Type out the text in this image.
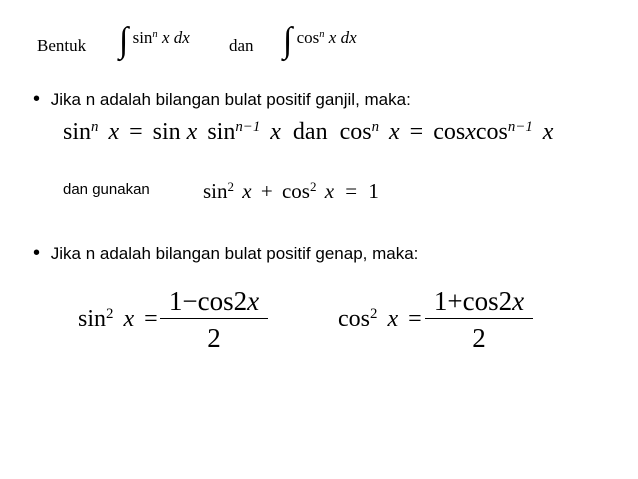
Bentuk ∫ $\sin^n x$ dx dan ∫ $\cos^n x$ dx
• Jika n adalah bilangan bulat positif ganjil, maka:
$\sin^n x = \sin x$ $\sin^{n-1} x$ dan $\cos^n x$ = cosxcos$^{n-1}$ x
dan gunakan	$\sin^2 x + \cos^2 x = 1$
• Jika n adalah bilangan bulat positif genap, maka:
$\sin^2 x$ =
1−cos2x
2
$\cos^2 x$ =
1+cos2x
2
